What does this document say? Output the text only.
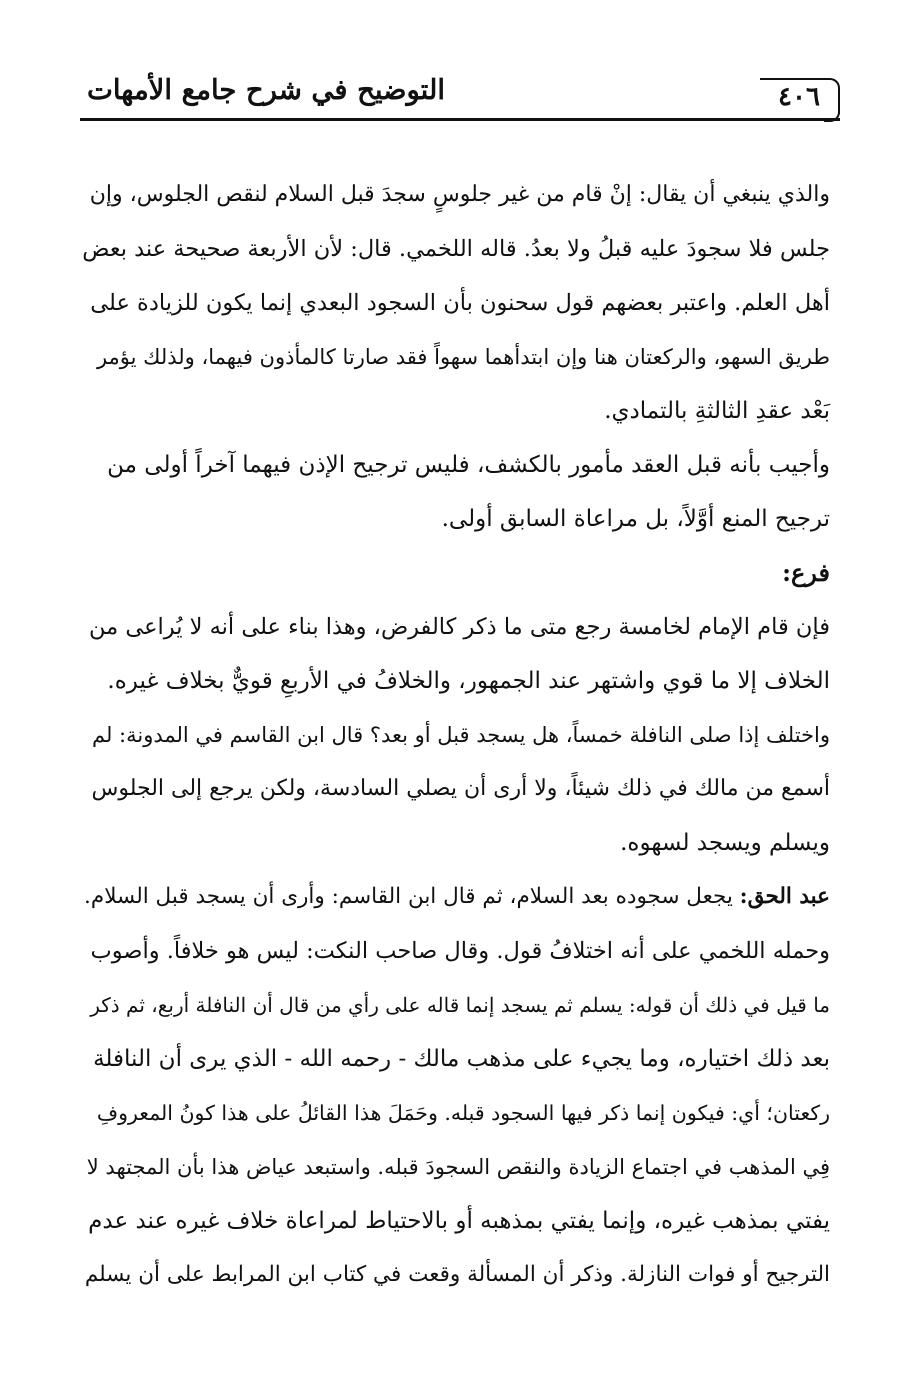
التوضيح في شرح جامع الأمهات	٤٠٦

والذي ينبغي أن يقال: إنْ قام من غير جلوسٍ سجدَ قبل السلام لنقص الجلوس، وإن
جلس فلا سجودَ عليه قبلُ ولا بعدُ. قاله اللخمي. قال: لأن الأربعة صحيحة عند بعض
أهل العلم. واعتبر بعضهم قول سحنون بأن السجود البعدي إنما يكون للزيادة على
طريق السهو، والركعتان هنا وإن ابتدأهما سهواً فقد صارتا كالمأذون فيهما، ولذلك يؤمر
بَعْد عقدِ الثالثةِ بالتمادي.

وأجيب بأنه قبل العقد مأمور بالكشف، فليس ترجيح الإذن فيهما آخراً أولى من
ترجيح المنع أوَّلاً، بل مراعاة السابق أولى.

فرع:

فإن قام الإمام لخامسة رجع متى ما ذكر كالفرض، وهذا بناء على أنه لا يُراعى من
الخلاف إلا ما قوي واشتهر عند الجمهور، والخلافُ في الأربعِ قويٌّ بخلاف غيره.
واختلف إذا صلى النافلة خمساً، هل يسجد قبل أو بعد؟ قال ابن القاسم في المدونة: لم
أسمع من مالك في ذلك شيئاً، ولا أرى أن يصلي السادسة، ولكن يرجع إلى الجلوس
ويسلم ويسجد لسهوه.

عبد الحق: يجعل سجوده بعد السلام، ثم قال ابن القاسم: وأرى أن يسجد قبل السلام.
وحمله اللخمي على أنه اختلافُ قول. وقال صاحب النكت: ليس هو خلافاً. وأصوب
ما قيل في ذلك أن قوله: يسلم ثم يسجد إنما قاله على رأي من قال أن النافلة أربع، ثم ذكر
بعد ذلك اختياره، وما يجيء على مذهب مالك - رحمه الله - الذي يرى أن النافلة
ركعتان؛ أي: فيكون إنما ذكر فيها السجود قبله. وحَمَلَ هذا القائلُ على هذا كونُ المعروفِ
فِي المذهب في اجتماع الزيادة والنقص السجودَ قبله. واستبعد عياض هذا بأن المجتهد لا
يفتي بمذهب غيره، وإنما يفتي بمذهبه أو بالاحتياط لمراعاة خلاف غيره عند عدم
الترجيح أو فوات النازلة. وذكر أن المسألة وقعت في كتاب ابن المرابط على أن يسلم
